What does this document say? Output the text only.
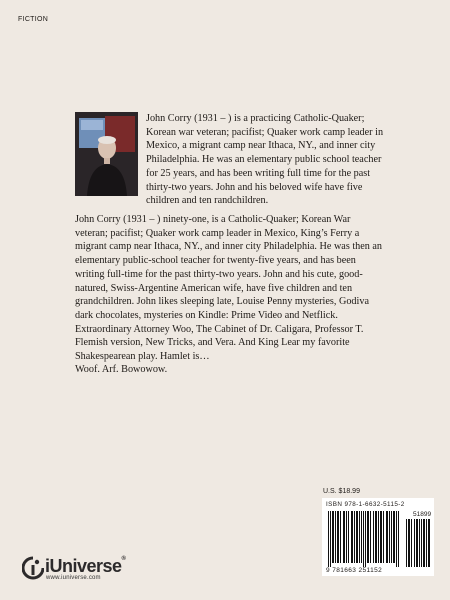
FICTION

John Corry (1931 – ) is a practicing Catholic-Quaker; Korean war veteran; pacifist; Quaker work camp leader in Mexico, a migrant camp near Ithaca, NY., and inner city Philadelphia. He was an elementary public school teacher for 25 years, and has been writing full time for the past thirty-two years. John and his beloved wife have five children and ten randchildren.

John Corry (1931 – ) ninety-one, is a Catholic-Quaker; Korean War veteran; pacifist; Quaker work camp leader in Mexico, King’s Ferry a migrant camp near Ithaca, NY., and inner city Philadelphia. He was then an elementary public-school teacher for twenty-five years, and has been writing full-time for the past thirty-two years. John and his cute, good-natured, Swiss-Argentine American wife, have five children and ten grandchildren. John likes sleeping late, Louise Penny mysteries, Godiva dark chocolates, mysteries on Kindle: Prime Video and Netflick. Extraordinary Attorney Woo, The Cabinet of Dr. Caligara, Professor T. Flemish version, New Tricks, and Vera. And King Lear my favorite Shakespearean play. Hamlet is…

Woof. Arf. Bowowow.

U.S. $18.99
ISBN 978-1-6632-5115-2
51899
9 781663 251152
iUniverse®
www.iuniverse.com
